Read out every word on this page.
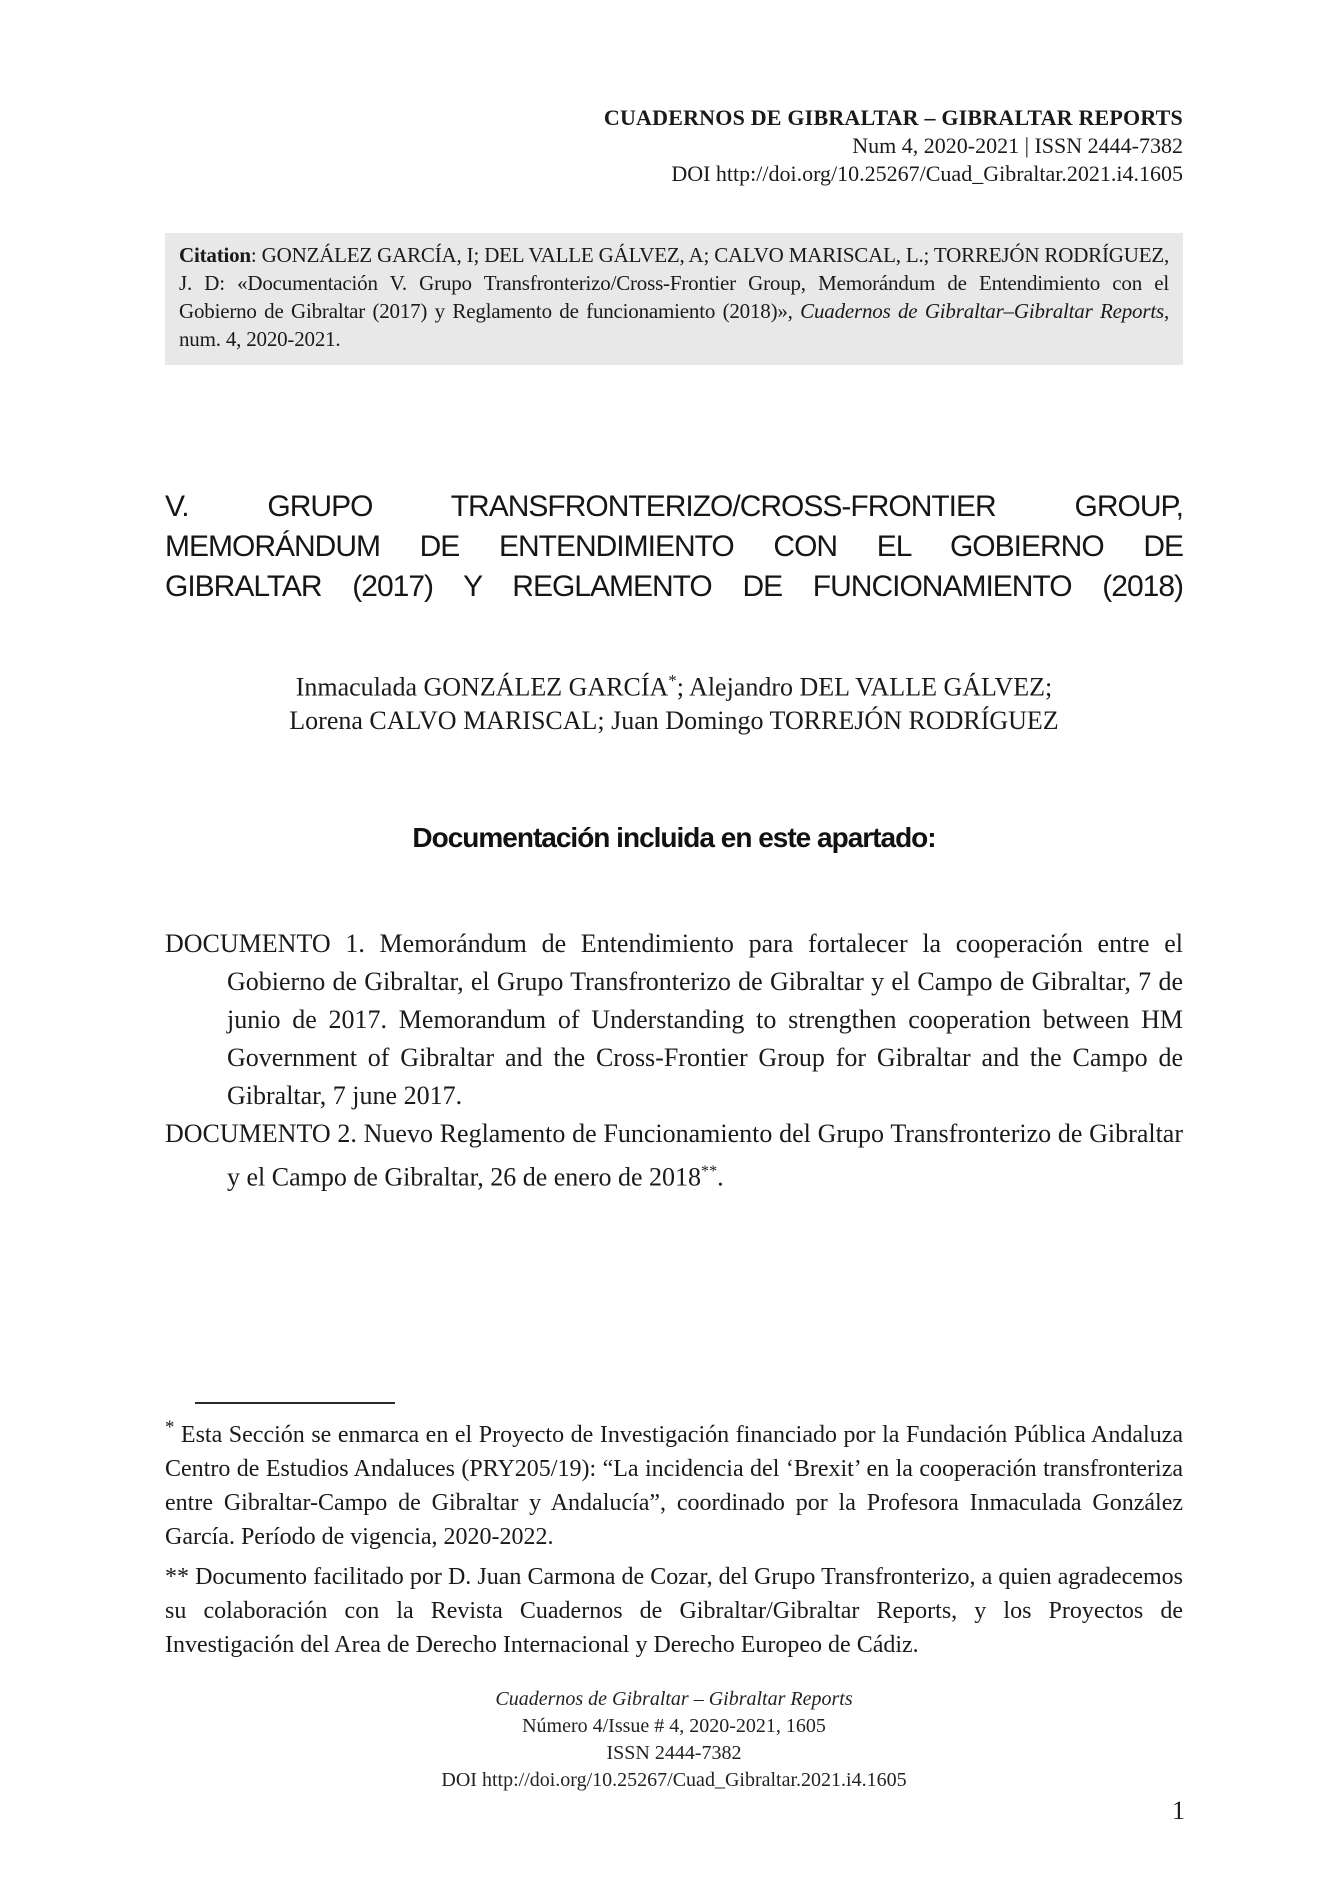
CUADERNOS DE GIBRALTAR – GIBRALTAR REPORTS
Num 4, 2020-2021 | ISSN 2444-7382
DOI http://doi.org/10.25267/Cuad_Gibraltar.2021.i4.1605
Citation: GONZÁLEZ GARCÍA, I; DEL VALLE GÁLVEZ, A; CALVO MARISCAL, L.; TORREJÓN RODRÍGUEZ, J. D: «Documentación V. Grupo Transfronterizo/Cross-Frontier Group, Memorándum de Entendimiento con el Gobierno de Gibraltar (2017) y Reglamento de funcionamiento (2018)», Cuadernos de Gibraltar–Gibraltar Reports, num. 4, 2020-2021.
V. GRUPO TRANSFRONTERIZO/CROSS-FRONTIER GROUP,
MEMORÁNDUM DE ENTENDIMIENTO CON EL GOBIERNO DE
GIBRALTAR (2017) Y REGLAMENTO DE FUNCIONAMIENTO (2018)
Inmaculada GONZÁLEZ GARCÍA*; Alejandro DEL VALLE GÁLVEZ;
Lorena CALVO MARISCAL; Juan Domingo TORREJÓN RODRÍGUEZ
Documentación incluida en este apartado:

DOCUMENTO 1. Memorándum de Entendimiento para fortalecer la cooperación entre el Gobierno de Gibraltar, el Grupo Transfronterizo de Gibraltar y el Campo de Gibraltar, 7 de junio de 2017. Memorandum of Understanding to strengthen cooperation between HM Government of Gibraltar and the Cross-Frontier Group for Gibraltar and the Campo de Gibraltar, 7 june 2017.

DOCUMENTO 2. Nuevo Reglamento de Funcionamiento del Grupo Transfronterizo de Gibraltar y el Campo de Gibraltar, 26 de enero de 2018**.

* Esta Sección se enmarca en el Proyecto de Investigación financiado por la Fundación Pública Andaluza Centro de Estudios Andaluces (PRY205/19): “La incidencia del ‘Brexit’ en la cooperación transfronteriza entre Gibraltar-Campo de Gibraltar y Andalucía”, coordinado por la Profesora Inmaculada González García. Período de vigencia, 2020-2022.

** Documento facilitado por D. Juan Carmona de Cozar, del Grupo Transfronterizo, a quien agradecemos su colaboración con la Revista Cuadernos de Gibraltar/Gibraltar Reports, y los Proyectos de Investigación del Area de Derecho Internacional y Derecho Europeo de Cádiz.

Cuadernos de Gibraltar – Gibraltar Reports
Número 4/Issue # 4, 2020-2021, 1605
ISSN 2444-7382
DOI http://doi.org/10.25267/Cuad_Gibraltar.2021.i4.1605
1
